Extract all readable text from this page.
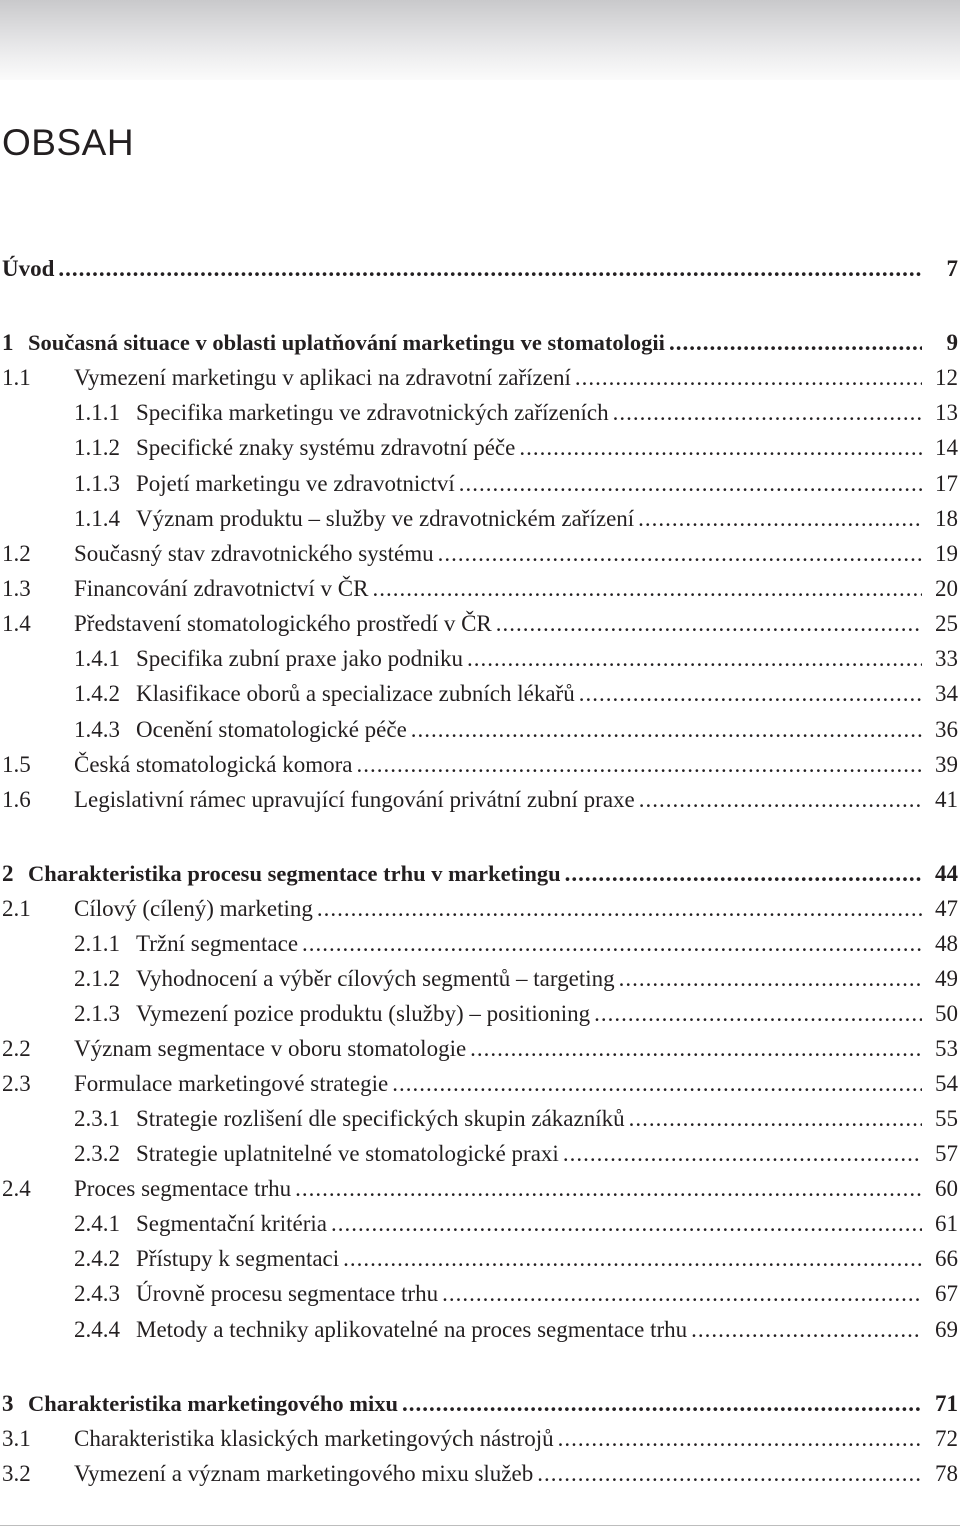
OBSAH
Úvod .....	7
1 Současná situace v oblasti uplatňování marketingu ve stomatologii .....	9
1.1	Vymezení marketingu v aplikaci na zdravotní zařízení .....	12
1.1.1 Specifika marketingu ve zdravotnických zařízeních .....	13
1.1.2 Specifické znaky systému zdravotní péče .....	14
1.1.3 Pojetí marketingu ve zdravotnictví .....	17
1.1.4 Význam produktu – služby ve zdravotnickém zařízení .....	18
1.2	Současný stav zdravotnického systému .....	19
1.3	Financování zdravotnictví v ČR .....	20
1.4	Představení stomatologického prostředí v ČR .....	25
1.4.1 Specifika zubní praxe jako podniku .....	33
1.4.2 Klasifikace oborů a specializace zubních lékařů .....	34
1.4.3 Ocenění stomatologické péče .....	36
1.5	Česká stomatologická komora .....	39
1.6	Legislativní rámec upravující fungování privátní zubní praxe .....	41
2 Charakteristika procesu segmentace trhu v marketingu .....	44
2.1	Cílový (cílený) marketing .....	47
2.1.1 Tržní segmentace .....	48
2.1.2 Vyhodnocení a výběr cílových segmentů – targeting .....	49
2.1.3 Vymezení pozice produktu (služby) – positioning .....	50
2.2	Význam segmentace v oboru stomatologie .....	53
2.3	Formulace marketingové strategie .....	54
2.3.1 Strategie rozlišení dle specifických skupin zákazníků .....	55
2.3.2 Strategie uplatnitelné ve stomatologické praxi .....	57
2.4	Proces segmentace trhu .....	60
2.4.1 Segmentační kritéria .....	61
2.4.2 Přístupy k segmentaci .....	66
2.4.3 Úrovně procesu segmentace trhu .....	67
2.4.4 Metody a techniky aplikovatelné na proces segmentace trhu .....	69
3 Charakteristika marketingového mixu .....	71
3.1	Charakteristika klasických marketingových nástrojů .....	72
3.2	Vymezení a význam marketingového mixu služeb .....	78
